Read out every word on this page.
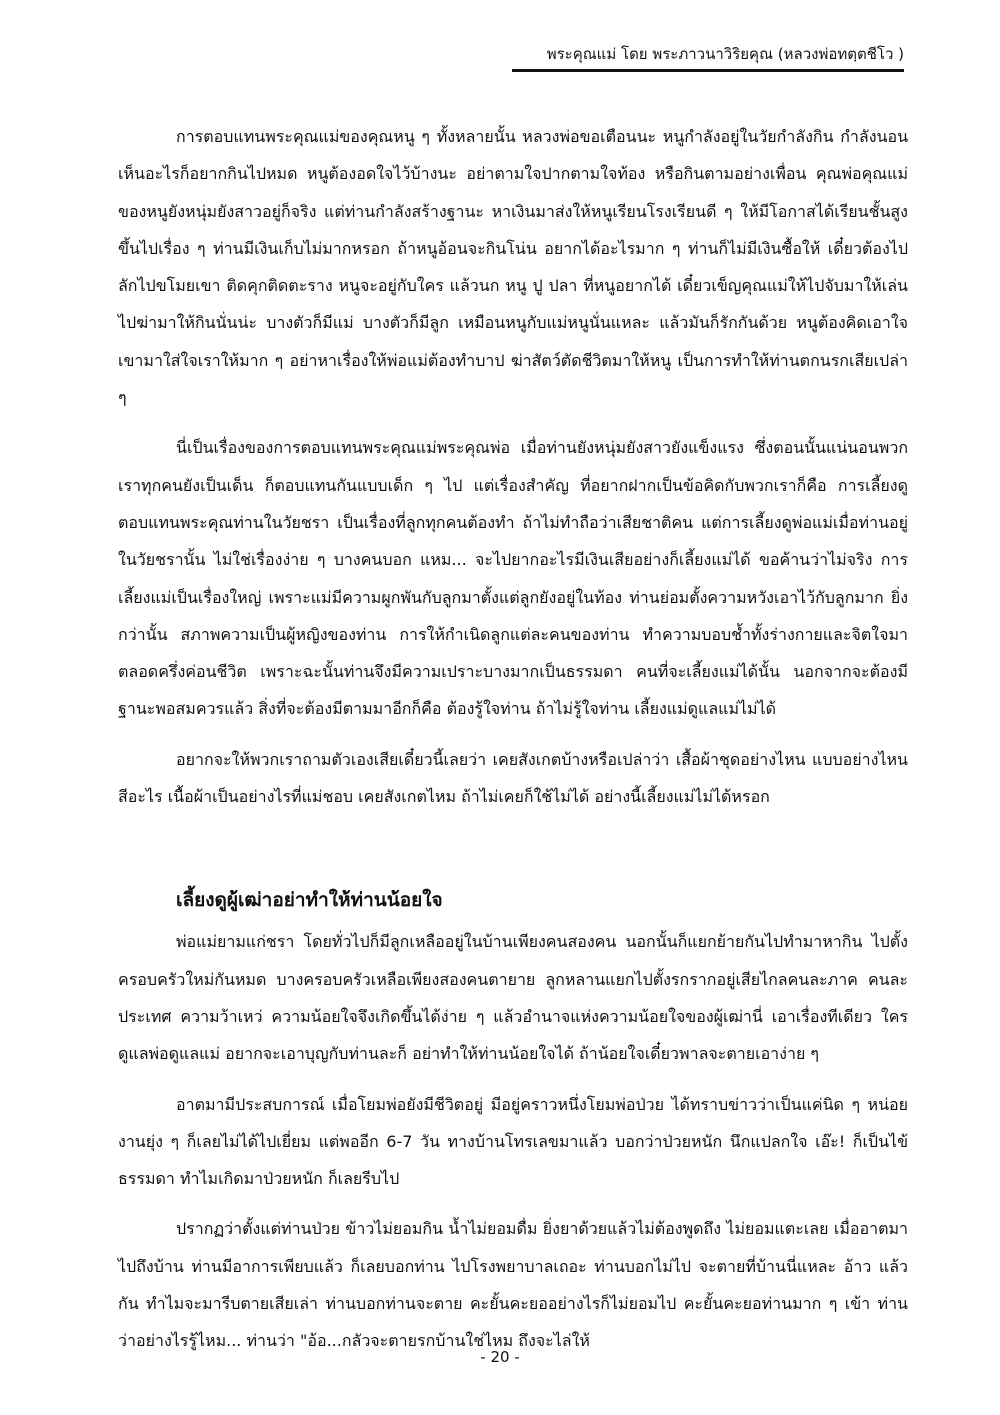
พระคุณแม่ โดย พระภาวนาวิริยคุณ (หลวงพ่อทตฺตชีโว )

การตอบแทนพระคุณแม่ของคุณหนู ๆ ทั้งหลายนั้น หลวงพ่อขอเตือนนะ หนูกำลังอยู่ในวัยกำลังกิน กำลังนอน เห็นอะไรก็อยากกินไปหมด หนูต้องอดใจไว้บ้างนะ อย่าตามใจปากตามใจท้อง หรือกินตามอย่างเพื่อน คุณพ่อคุณแม่ของหนูยังหนุ่มยังสาวอยู่ก็จริง แต่ท่านกำลังสร้างฐานะ หาเงินมาส่งให้หนูเรียนโรงเรียนดี ๆ ให้มีโอกาสได้เรียนชั้นสูงขึ้นไปเรื่อง ๆ ท่านมีเงินเก็บไม่มากหรอก ถ้าหนูอ้อนจะกินโน่น อยากได้อะไรมาก ๆ ท่านก็ไม่มีเงินซื้อให้ เดี๋ยวต้องไปลักไปขโมยเขา ติดคุกติดตะราง หนูจะอยู่กับใคร แล้วนก หนู ปู ปลา ที่หนูอยากได้ เดี๋ยวเข็ญคุณแม่ให้ไปจับมาให้เล่น ไปฆ่ามาให้กินนั่นน่ะ บางตัวก็มีแม่ บางตัวก็มีลูก เหมือนหนูกับแม่หนูนั่นแหละ แล้วมันก็รักกันด้วย หนูต้องคิดเอาใจเขามาใส่ใจเราให้มาก ๆ อย่าหาเรื่องให้พ่อแม่ต้องทำบาป ฆ่าสัตว์ตัดชีวิตมาให้หนู เป็นการทำให้ท่านตกนรกเสียเปล่า ๆ

นี่เป็นเรื่องของการตอบแทนพระคุณแม่พระคุณพ่อ เมื่อท่านยังหนุ่มยังสาวยังแข็งแรง ซึ่งตอนนั้นแน่นอนพวกเราทุกคนยังเป็นเด็น ก็ตอบแทนกันแบบเด็ก ๆ ไป แต่เรื่องสำคัญ ที่อยากฝากเป็นข้อคิดกับพวกเราก็คือ การเลี้ยงดูตอบแทนพระคุณท่านในวัยชรา เป็นเรื่องที่ลูกทุกคนต้องทำ ถ้าไม่ทำถือว่าเสียชาติคน แต่การเลี้ยงดูพ่อแม่เมื่อท่านอยู่ในวัยชรานั้น ไม่ใช่เรื่องง่าย ๆ บางคนบอก แหม... จะไปยากอะไรมีเงินเสียอย่างก็เลี้ยงแม่ได้ ขอค้านว่าไม่จริง การเลี้ยงแม่เป็นเรื่องใหญ่ เพราะแม่มีความผูกพันกับลูกมาตั้งแต่ลูกยังอยู่ในท้อง ท่านย่อมตั้งความหวังเอาไว้กับลูกมาก ยิ่งกว่านั้น สภาพความเป็นผู้หญิงของท่าน การให้กำเนิดลูกแต่ละคนของท่าน ทำความบอบช้ำทั้งร่างกายและจิตใจมาตลอดครึ่งค่อนชีวิต เพราะฉะนั้นท่านจึงมีความเปราะบางมากเป็นธรรมดา คนที่จะเลี้ยงแม่ได้นั้น นอกจากจะต้องมีฐานะพอสมควรแล้ว สิ่งที่จะต้องมีตามมาอีกก็คือ ต้องรู้ใจท่าน ถ้าไม่รู้ใจท่าน เลี้ยงแม่ดูแลแม่ไม่ได้

อยากจะให้พวกเราถามตัวเองเสียเดี๋ยวนี้เลยว่า เคยสังเกตบ้างหรือเปล่าว่า เสื้อผ้าชุดอย่างไหน แบบอย่างไหน สีอะไร เนื้อผ้าเป็นอย่างไรที่แม่ชอบ เคยสังเกตไหม ถ้าไม่เคยก็ใช้ไม่ได้ อย่างนี้เลี้ยงแม่ไม่ได้หรอก

เลี้ยงดูผู้เฒ่าอย่าทำให้ท่านน้อยใจ

พ่อแม่ยามแก่ชรา โดยทั่วไปก็มีลูกเหลืออยู่ในบ้านเพียงคนสองคน นอกนั้นก็แยกย้ายกันไปทำมาหากิน ไปตั้งครอบครัวใหม่กันหมด บางครอบครัวเหลือเพียงสองคนตายาย ลูกหลานแยกไปตั้งรกรากอยู่เสียไกลคนละภาค คนละประเทศ ความว้าเหว่ ความน้อยใจจึงเกิดขึ้นได้ง่าย ๆ แล้วอำนาจแห่งความน้อยใจของผู้เฒ่านี่ เอาเรื่องทีเดียว ใครดูแลพ่อดูแลแม่ อยากจะเอาบุญกับท่านละก็ อย่าทำให้ท่านน้อยใจได้ ถ้าน้อยใจเดี๋ยวพาลจะตายเอาง่าย ๆ

อาตมามีประสบการณ์ เมื่อโยมพ่อยังมีชีวิตอยู่ มีอยู่คราวหนึ่งโยมพ่อป่วย ได้ทราบข่าวว่าเป็นแค่นิด ๆ หน่อย งานยุ่ง ๆ ก็เลยไม่ได้ไปเยี่ยม แต่พออีก 6-7 วัน ทางบ้านโทรเลขมาแล้ว บอกว่าป่วยหนัก นึกแปลกใจ เอ๊ะ! ก็เป็นไข้ธรรมดา ทำไมเกิดมาป่วยหนัก ก็เลยรีบไป

ปรากฏว่าตั้งแต่ท่านป่วย ข้าวไม่ยอมกิน น้ำไม่ยอมดื่ม ยิ่งยาด้วยแล้วไม่ต้องพูดถึง ไม่ยอมแตะเลย เมื่ออาตมาไปถึงบ้าน ท่านมีอาการเพียบแล้ว ก็เลยบอกท่าน ไปโรงพยาบาลเถอะ ท่านบอกไม่ไป จะตายที่บ้านนี่แหละ อ้าว แล้วกัน ทำไมจะมารีบตายเสียเล่า ท่านบอกท่านจะตาย คะยั้นคะยออย่างไรก็ไม่ยอมไป คะยั้นคะยอท่านมาก ๆ เข้า ท่านว่าอย่างไรรู้ไหม... ท่านว่า "อ้อ...กลัวจะตายรกบ้านใช่ไหม ถึงจะไล่ให้

- 20 -
